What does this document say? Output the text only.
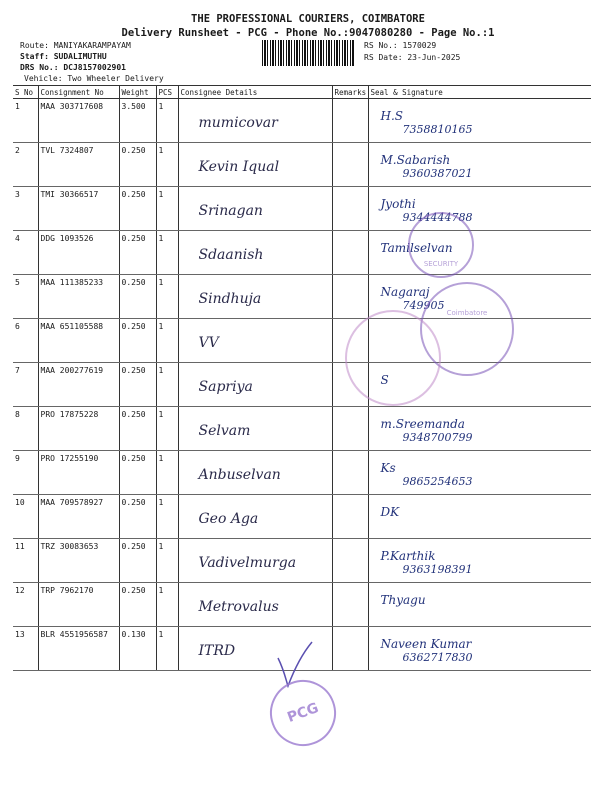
THE PROFESSIONAL COURIERS, COIMBATORE
Delivery Runsheet - PCG - Phone No.:9047080280 - Page No.:1
Route: MANIYAKARAMPAYAM
Staff: SUDALIMUTHU
DRS No.: DCJ8157002901
Vehicle: Two Wheeler Delivery
RS No.: 1570029
RS Date: 23-Jun-2025
S No	Consignment No	Weight	PCS	Consignee Details	Remarks	Seal & Signature
1	MAA 303717608	3.500	1	mumicovar		H.S
7358810165

2	TVL 7324807	0.250	1	Kevin Iqual		M.Sabarish
9360387021

3	TMI 30366517	0.250	1	Srinagan		Jyothi
9344444788

4	DDG 1093526	0.250	1	Sdaanish		Tamilselvan

5	MAA 111385233	0.250	1	Sindhuja		Nagaraj
749905

6	MAA 651105588	0.250	1	VV		

7	MAA 200277619	0.250	1	Sapriya		S

8	PRO 17875228	0.250	1	Selvam		m.Sreemanda
9348700799

9	PRO 17255190	0.250	1	Anbuselvan		Ks
9865254653

10	MAA 709578927	0.250	1	Geo Aga		DK

11	TRZ 30083653	0.250	1	Vadivelmurga		P.Karthik
9363198391

12	TRP 7962170	0.250	1	Metrovalus		Thyagu

13	BLR 4551956587	0.130	1	ITRD		Naveen Kumar
6362717830
SECURITY
Coimbatore
PCG
